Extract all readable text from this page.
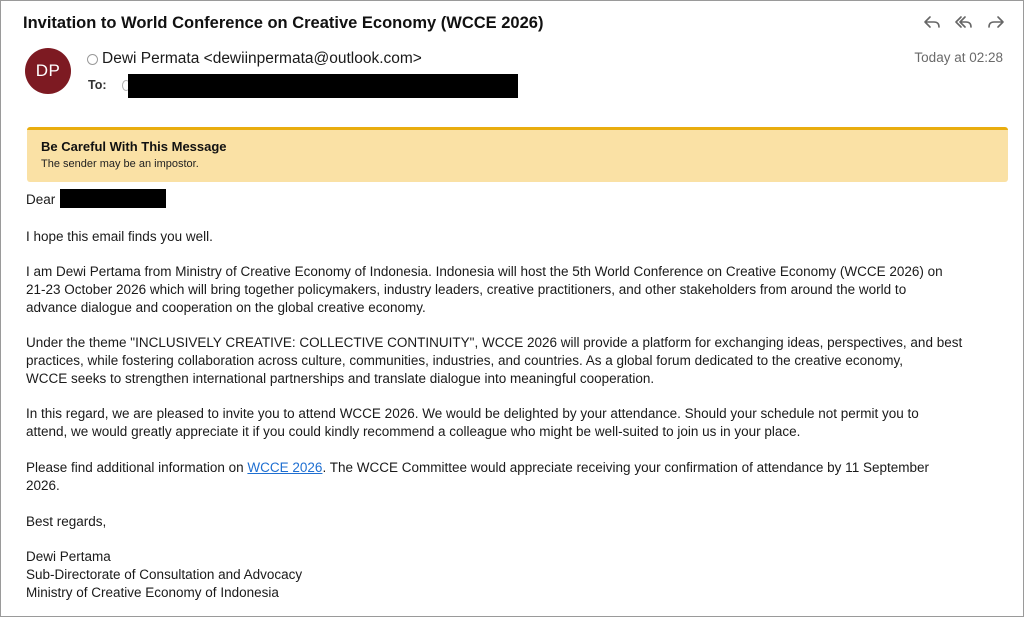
Invitation to World Conference on Creative Economy (WCCE 2026)
DP
Dewi Permata <dewiinpermata@outlook.com>	Today at 02:28
To:
Be Careful With This Message
The sender may be an impostor.
Dear
I hope this email finds you well.
I am Dewi Pertama from Ministry of Creative Economy of Indonesia. Indonesia will host the 5th World Conference on Creative Economy (WCCE 2026) on
21-23 October 2026 which will bring together policymakers, industry leaders, creative practitioners, and other stakeholders from around the world to
advance dialogue and cooperation on the global creative economy.
Under the theme "INCLUSIVELY CREATIVE: COLLECTIVE CONTINUITY", WCCE 2026 will provide a platform for exchanging ideas, perspectives, and best
practices, while fostering collaboration across culture, communities, industries, and countries. As a global forum dedicated to the creative economy,
WCCE seeks to strengthen international partnerships and translate dialogue into meaningful cooperation.
In this regard, we are pleased to invite you to attend WCCE 2026. We would be delighted by your attendance. Should your schedule not permit you to
attend, we would greatly appreciate it if you could kindly recommend a colleague who might be well-suited to join us in your place.
Please find additional information on WCCE 2026. The WCCE Committee would appreciate receiving your confirmation of attendance by 11 September
2026.
Best regards,
Dewi Pertama
Sub-Directorate of Consultation and Advocacy
Ministry of Creative Economy of Indonesia
